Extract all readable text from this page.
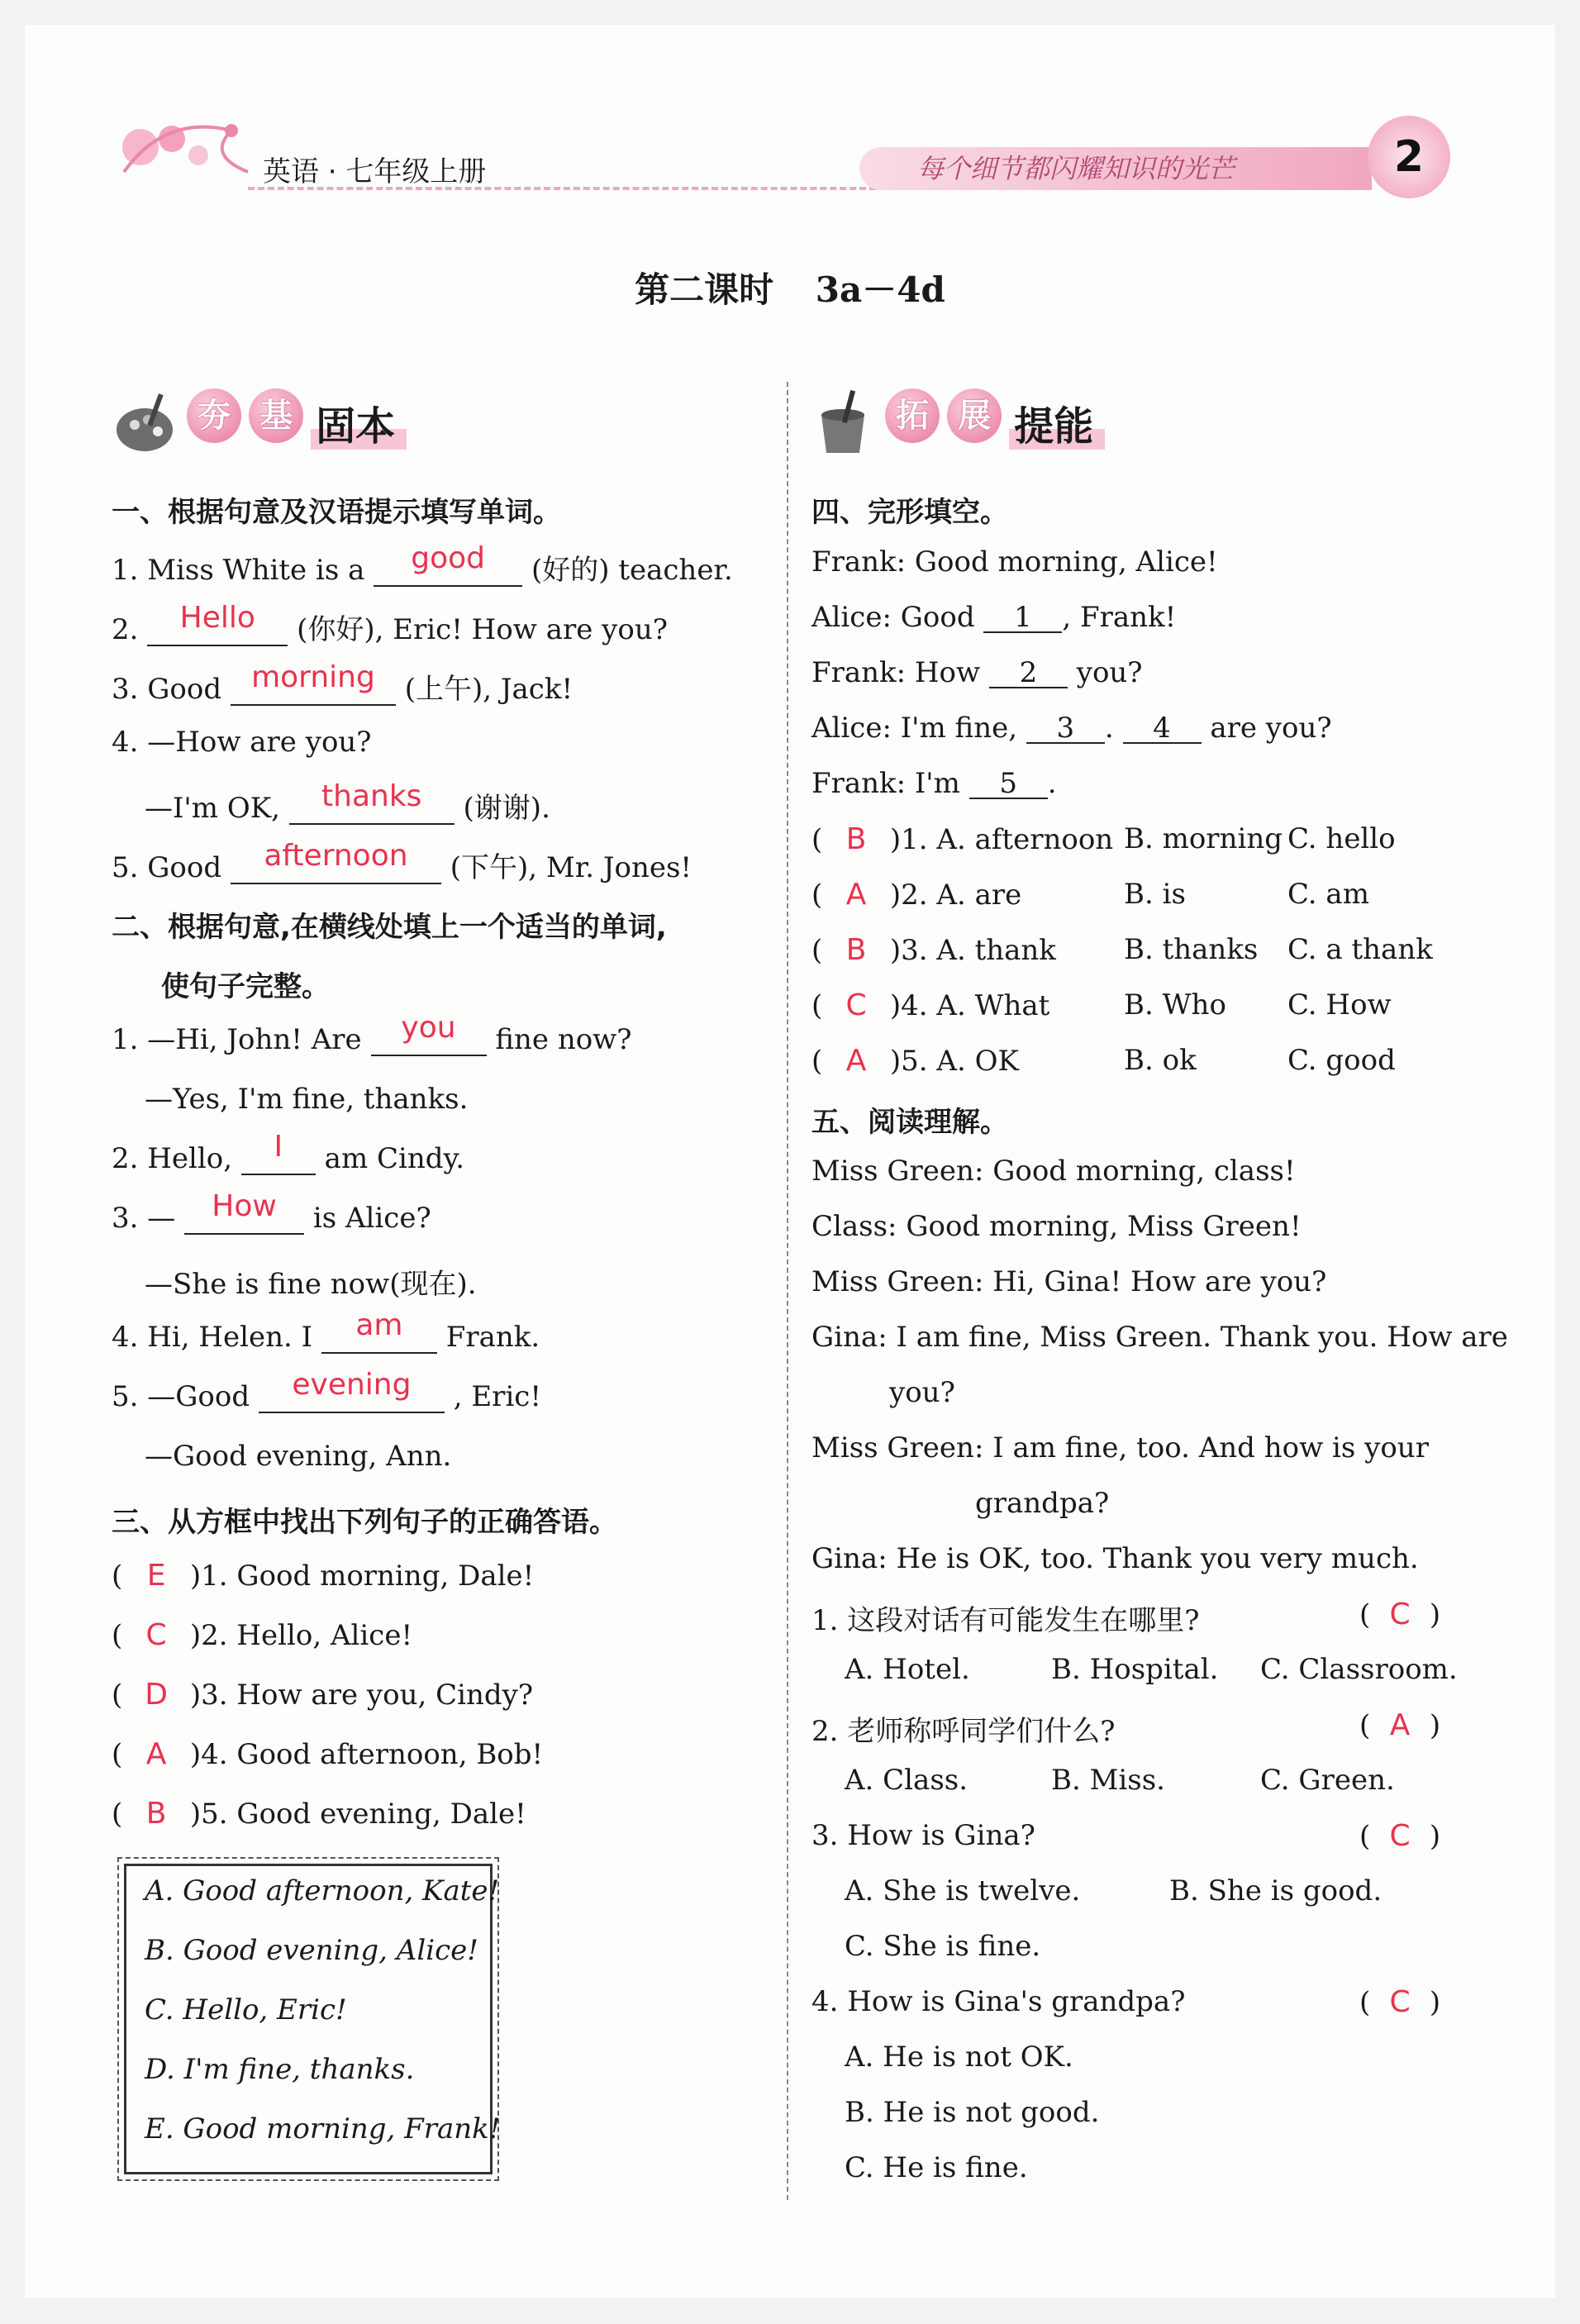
英语 · 七年级上册	每个细节都闪耀知识的光芒	2
第二课时 3a－4d
夯 基 固本	拓 展 提能
一、根据句意及汉语提示填写单词。
1. Miss White is a good (好的) teacher.
2. Hello (你好), Eric! How are you?
3. Good morning (上午), Jack!
4. —How are you?
—I'm OK, thanks (谢谢).
5. Good afternoon (下午), Mr. Jones!
二、根据句意,在横线处填上一个适当的单词,
使句子完整。
1. —Hi, John! Are you fine now?
—Yes, I'm fine, thanks.
2. Hello, I am Cindy.
3. — How is Alice?
—She is fine now(现在).
4. Hi, Helen. I am Frank.
5. —Good evening , Eric!
—Good evening, Ann.
三、从方框中找出下列句子的正确答语。
( E )1. Good morning, Dale!
( C )2. Hello, Alice!
( D )3. How are you, Cindy?
( A )4. Good afternoon, Bob!
( B )5. Good evening, Dale!
A. Good afternoon, Kate!
B. Good evening, Alice!
C. Hello, Eric!
D. I'm fine, thanks.
E. Good morning, Frank!
四、完形填空。
Frank: Good morning, Alice!
Alice: Good 1 , Frank!
Frank: How 2 you?
Alice: I'm fine, 3 . 4 are you?
Frank: I'm 5 .
( B )1. A. afternoon B. morning C. hello
( A )2. A. are	B. is	C. am
( B )3. A. thank B. thanks C. a thank
( C )4. A. What	B. Who C. How
( A )5. A. OK	B. ok	C. good
五、阅读理解。
Miss Green: Good morning, class!
Class: Good morning, Miss Green!
Miss Green: Hi, Gina! How are you?
Gina: I am fine, Miss Green. Thank you. How are
you?
Miss Green: I am fine, too. And how is your
grandpa?
Gina: He is OK, too. Thank you very much.
1. 这段对话有可能发生在哪里?	( C )
A. Hotel.	B. Hospital. C. Classroom.
2. 老师称呼同学们什么?	( A )
A. Class.	B. Miss.	C. Green.
3. How is Gina?	( C )
A. She is twelve.	B. She is good.
C. She is fine.
4. How is Gina's grandpa?	( C )
A. He is not OK.
B. He is not good.
C. He is fine.
